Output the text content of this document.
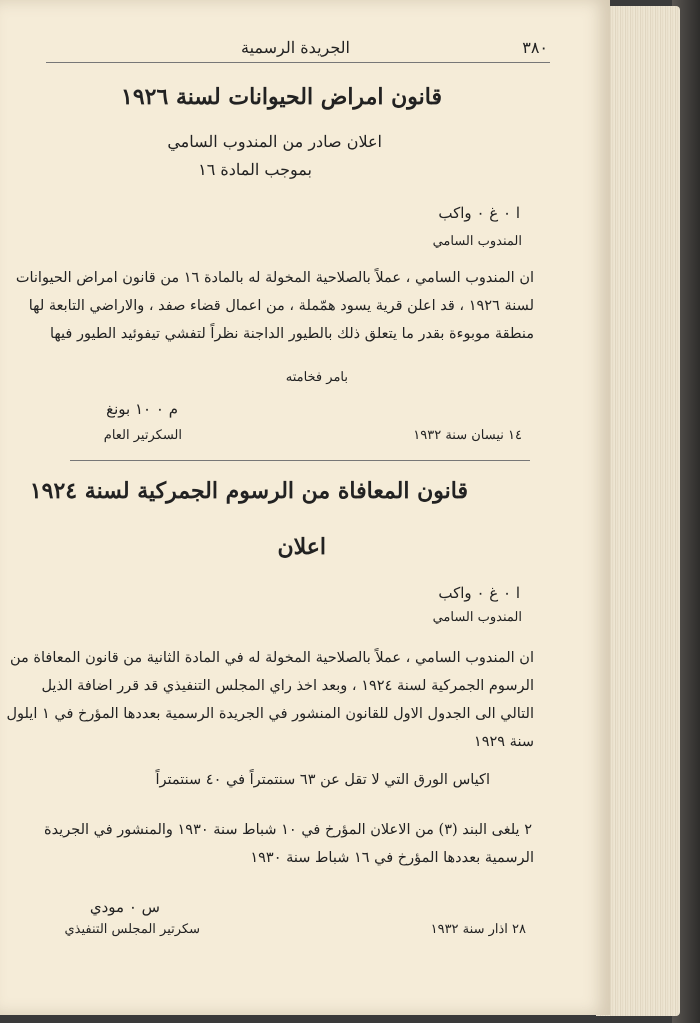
٣٨٠
الجريدة الرسمية
قانون امراض الحيوانات لسنة ١٩٢٦
اعلان صادر من المندوب السامي
بموجب المادة ١٦
ا ٠ غ ٠ واكب
المندوب السامي
ان المندوب السامي ، عملاً بالصلاحية المخولة له بالمادة ١٦ من قانون امراض الحيوانات
لسنة ١٩٢٦ ، قد اعلن قرية يسود همّملة ، من اعمال قضاء صفد ، والاراضي التابعة لها
منطقة موبوءة بقدر ما يتعلق ذلك بالطيور الداجنة نظراً لتفشي تيفوئيد الطيور فيها
بامر فخامته
م ٠ ١٠ بونغ
١٤ نيسان سنة ١٩٣٢
السكرتير العام
قانون المعافاة من الرسوم الجمركية لسنة ١٩٢٤
اعلان
ا ٠ غ ٠ واكب
المندوب السامي
ان المندوب السامي ، عملاً بالصلاحية المخولة له في المادة الثانية من قانون المعافاة من
الرسوم الجمركية لسنة ١٩٢٤ ، وبعد اخذ راي المجلس التنفيذي قد قرر اضافة الذيل
التالي الى الجدول الاول للقانون المنشور في الجريدة الرسمية بعددها المؤرخ في ١ ايلول
سنة ١٩٢٩
اكياس الورق التي لا تقل عن ٦٣ سنتمتراً في ٤٠ سنتمتراً
٢ يلغى البند (٣) من الاعلان المؤرخ في ١٠ شباط سنة ١٩٣٠ والمنشور في الجريدة
الرسمية بعددها المؤرخ في ١٦ شباط سنة ١٩٣٠
س ٠ مودي
٢٨ اذار سنة ١٩٣٢
سكرتير المجلس التنفيذي
